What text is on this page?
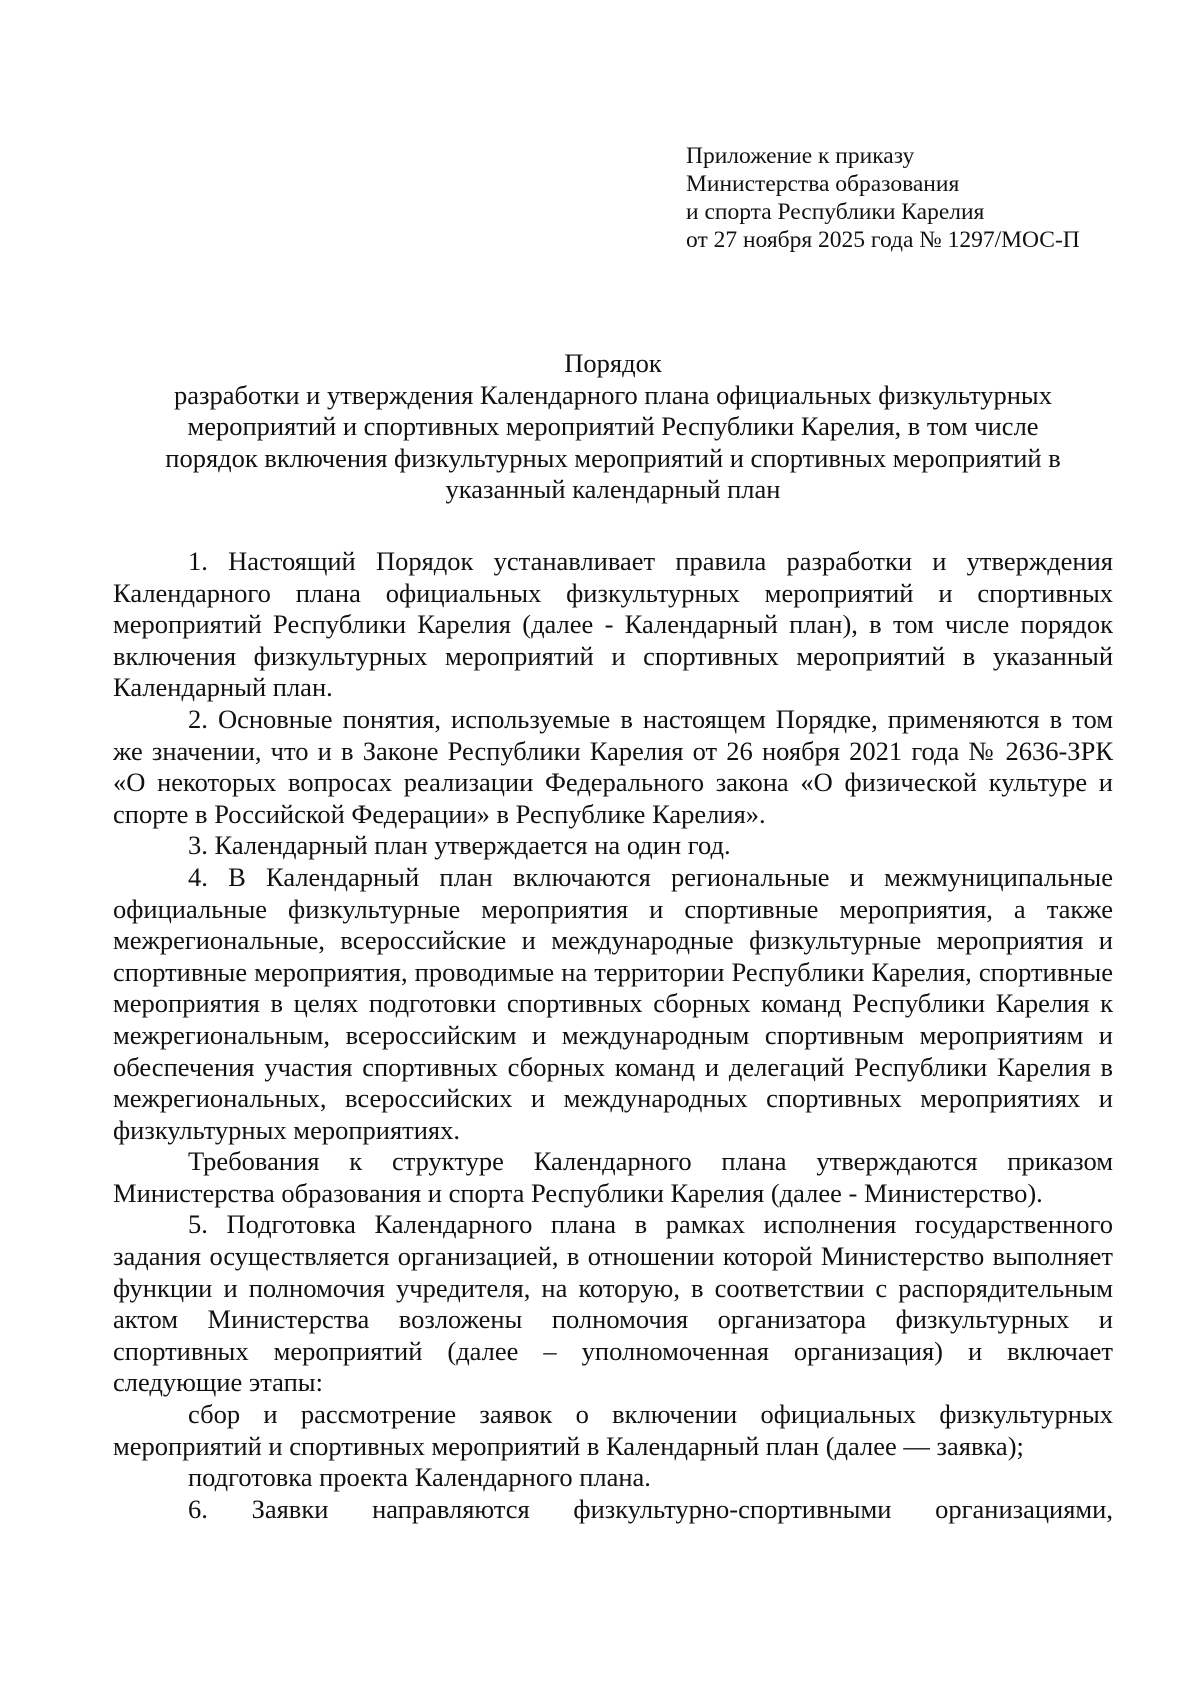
Приложение к приказу
Министерства образования
и спорта Республики Карелия
от 27 ноября 2025 года № 1297/МОС-П
Порядок
разработки и утверждения Календарного плана официальных физкультурных
мероприятий и спортивных мероприятий Республики Карелия, в том числе
порядок включения физкультурных мероприятий и спортивных мероприятий в
указанный календарный план

1. Настоящий Порядок устанавливает правила разработки и утверждения Календарного плана официальных физкультурных мероприятий и спортивных мероприятий Республики Карелия (далее - Календарный план), в том числе порядок включения физкультурных мероприятий и спортивных мероприятий в указанный Календарный план.

2. Основные понятия, используемые в настоящем Порядке, применяются в том же значении, что и в Законе Республики Карелия от 26 ноября 2021 года № 2636-ЗРК «О некоторых вопросах реализации Федерального закона «О физической культуре и спорте в Российской Федерации» в Республике Карелия».

3. Календарный план утверждается на один год.

4. В Календарный план включаются региональные и межмуниципальные официальные физкультурные мероприятия и спортивные мероприятия, а также межрегиональные, всероссийские и международные физкультурные мероприятия и спортивные мероприятия, проводимые на территории Республики Карелия, спортивные мероприятия в целях подготовки спортивных сборных команд Республики Карелия к межрегиональным, всероссийским и международным спортивным мероприятиям и обеспечения участия спортивных сборных команд и делегаций Республики Карелия в межрегиональных, всероссийских и международных спортивных мероприятиях и физкультурных мероприятиях.

Требования к структуре Календарного плана утверждаются приказом Министерства образования и спорта Республики Карелия (далее - Министерство).

5. Подготовка Календарного плана в рамках исполнения государственного задания осуществляется организацией, в отношении которой Министерство выполняет функции и полномочия учредителя, на которую, в соответствии с распорядительным актом Министерства возложены полномочия организатора физкультурных и спортивных мероприятий (далее – уполномоченная организация) и включает следующие этапы:

сбор и рассмотрение заявок о включении официальных физкультурных мероприятий и спортивных мероприятий в Календарный план (далее — заявка);

подготовка проекта Календарного плана.

6. Заявки направляются физкультурно-спортивными организациями,
